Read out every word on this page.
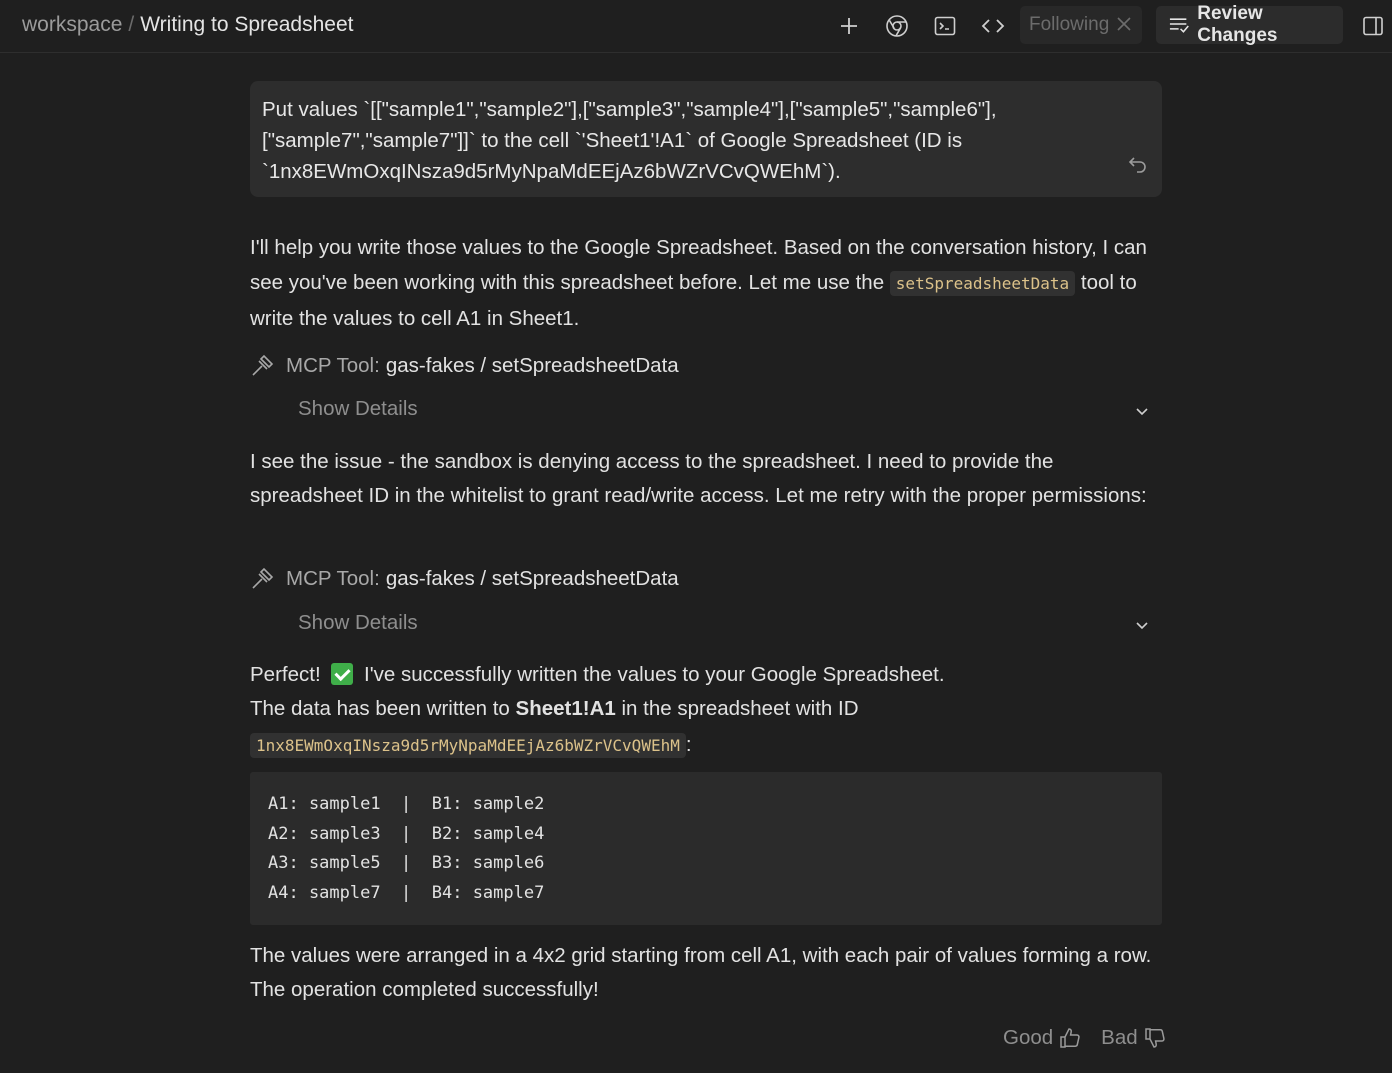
workspace / Writing to Spreadsheet	Following
Review Changes

Put values `[["sample1","sample2"],["sample3","sample4"],["sample5","sample6"],

["sample7","sample7"]]` to the cell `'Sheet1'!A1` of Google Spreadsheet (ID is

`1nx8EWmOxqINsza9d5rMyNpaMdEEjAz6bWZrVCvQWEhM`).

I'll help you write those values to the Google Spreadsheet. Based on the conversation history, I can see you've been working with this spreadsheet before. Let me use the setSpreadsheetData tool to write the values to cell A1 in Sheet1.

MCP Tool: gas-fakes / setSpreadsheetData
Show Details

I see the issue - the sandbox is denying access to the spreadsheet. I need to provide the spreadsheet ID in the whitelist to grant read/write access. Let me retry with the proper permissions:

MCP Tool: gas-fakes / setSpreadsheetData
Show Details

Perfect! I've successfully written the values to your Google Spreadsheet.

The data has been written to Sheet1!A1 in the spreadsheet with ID

1nx8EWmOxqINsza9d5rMyNpaMdEEjAz6bWZrVCvQWEhM :

A1: sample1  |  B1: sample2
A2: sample3  |  B2: sample4
A3: sample5  |  B3: sample6
A4: sample7  |  B4: sample7

The values were arranged in a 4x2 grid starting from cell A1, with each pair of values forming a row. The operation completed successfully!

Good Bad
